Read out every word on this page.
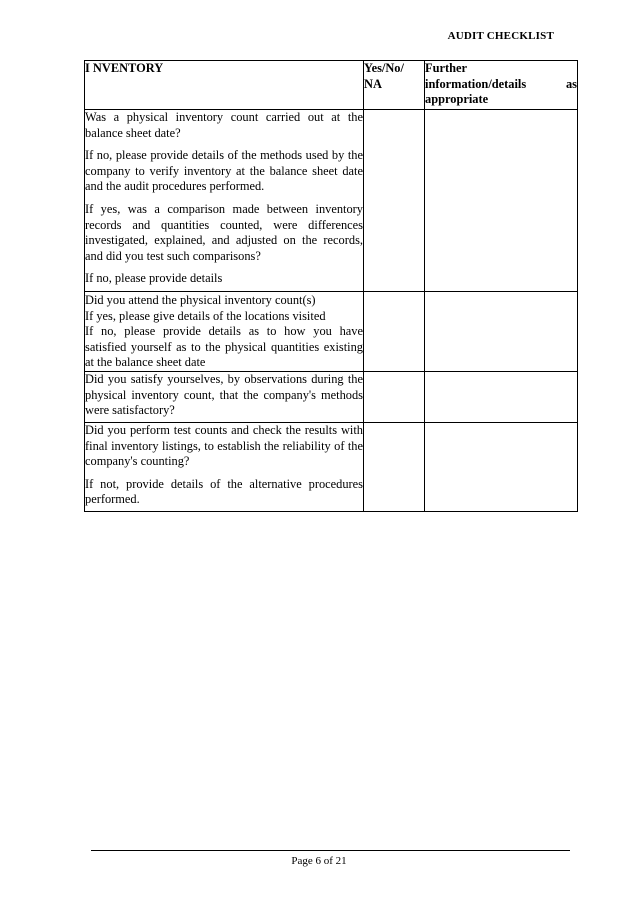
AUDIT CHECKLIST
I NVENTORY	Yes/No/ NA	Further
information/details as
appropriate

Was a physical inventory count carried out at the balance sheet date?

If no, please provide details of the methods used by the company to verify inventory at the balance sheet date and the audit procedures performed.

If yes, was a comparison made between inventory records and quantities counted, were differences investigated, explained, and adjusted on the records, and did you test such comparisons?

If no, please provide details		

Did you attend the physical inventory count(s)

If yes, please give details of the locations visited

If no, please provide details as to how you have satisfied yourself as to the physical quantities existing at the balance sheet date		

Did you satisfy yourselves, by observations during the physical inventory count, that the company's methods were satisfactory?		

Did you perform test counts and check the results with final inventory listings, to establish the reliability of the company's counting?

If not, provide details of the alternative procedures performed.		

Page 6 of 21
